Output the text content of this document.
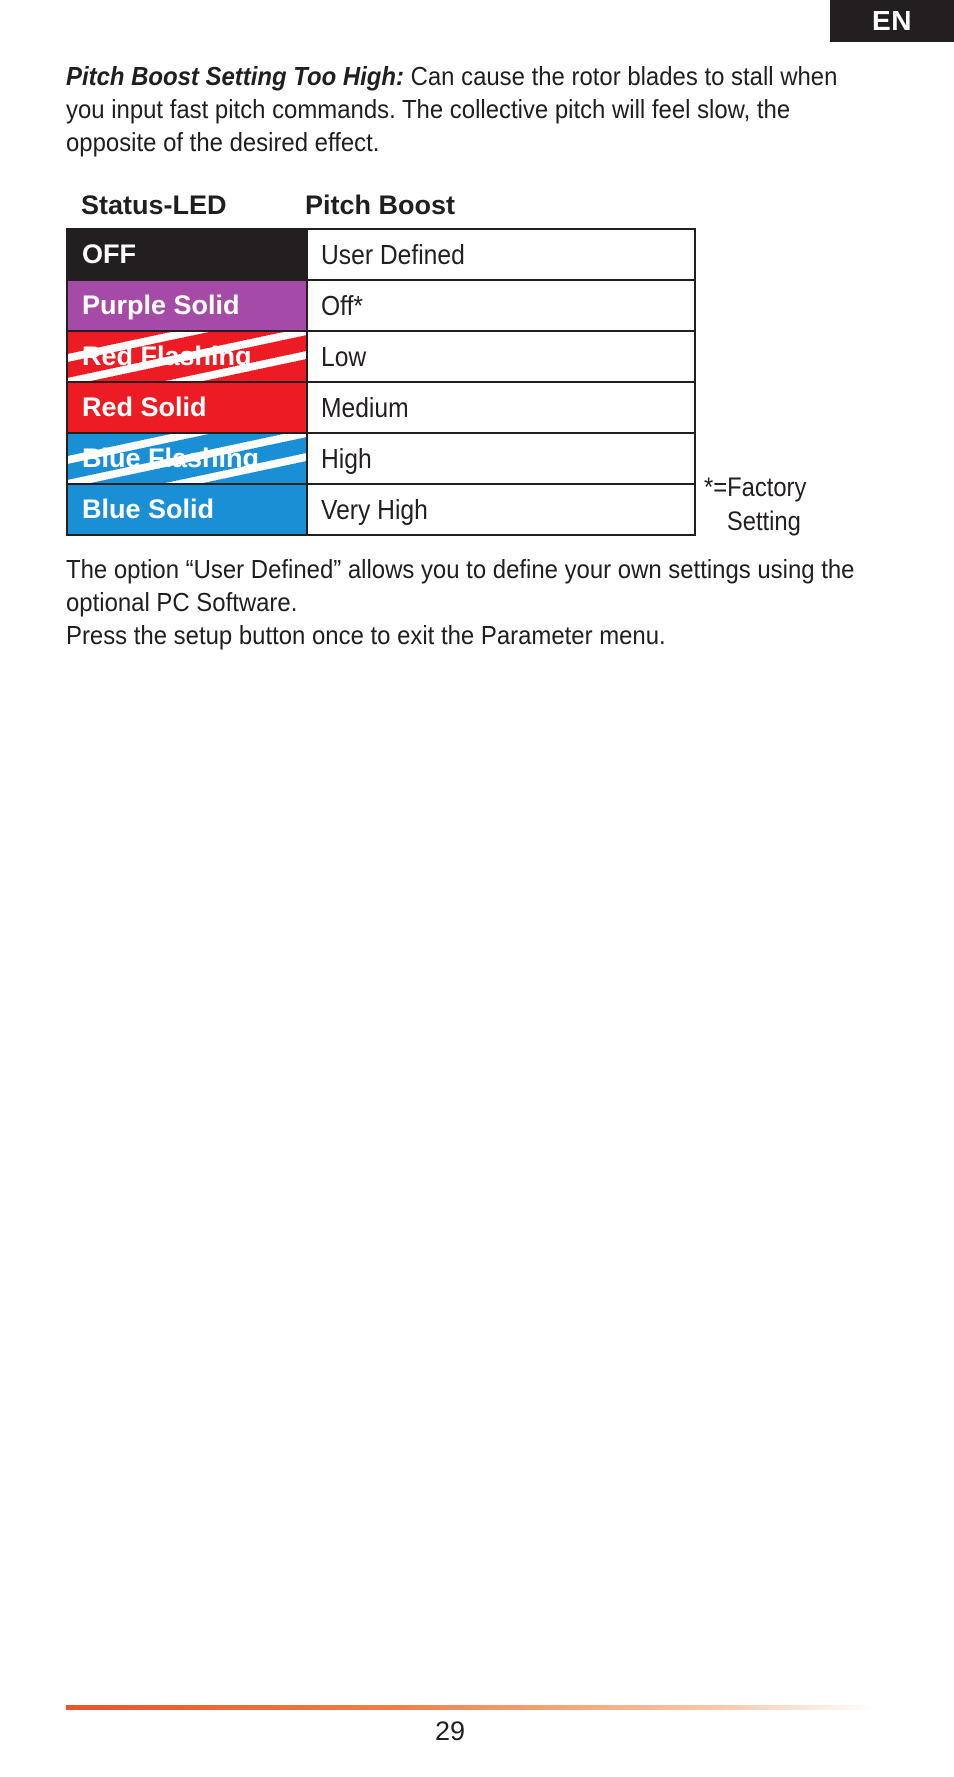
EN
Pitch Boost Setting Too High: Can cause the rotor blades to stall when you input fast pitch commands. The collective pitch will feel slow, the opposite of the desired effect.
Status-LED	Pitch Boost
OFF	User Defined
Purple Solid	Off*
Red Flashing	Low
Red Solid	Medium
Blue Flashing	High
Blue Solid	Very High
*=Factory
Setting

The option “User Defined” allows you to define your own settings using the optional PC Software.

Press the setup button once to exit the Parameter menu.

29
